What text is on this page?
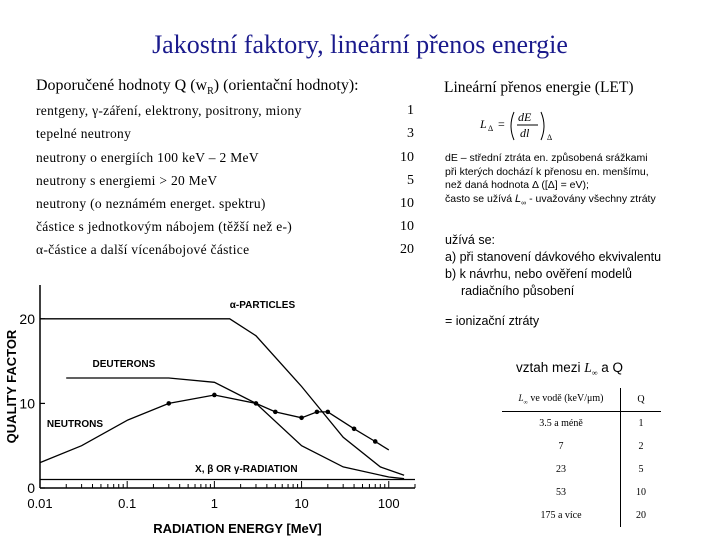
Jakostní faktory, lineární přenos energie
Doporučené hodnoty Q $(w_R)$ (orientační hodnoty):
rentgeny, γ-záření, elektrony, positrony, miony	1
tepelné neutrony	3
neutrony o energiích 100 keV – 2 MeV	10
neutrony s energiemi > 20 MeV	5
neutrony (o neznámém energet. spektru)	10
částice s jednotkovým nábojem (těžší než e-)	10
α-částice a další vícenábojové částice	20
Lineární přenos energie (LET)
L Δ = dE
dl Δ
dE – střední ztráta en. způsobená srážkami
při kterých dochází k přenosu en. menšímu,
než daná hodnota Δ ([Δ] = eV);
často se užívá $L_\infty$ - uvažovány všechny ztráty
užívá se:
a) při stanovení dávkového ekvivalentu
b) k návrhu, nebo ověření modelů
radiačního působení
= ionizační ztráty
vztah mezi $L_\infty$ a Q
$L_\infty$ ve vodě (keV/μm)	Q
3.5 a méně	1
7	2
23	5
53	10
175 a více	20
0
10
20
0.01	0.1	1	10	100
RADIATION ENERGY [MeV]
QUALITY FACTOR
α-PARTICLES
DEUTERONS
NEUTRONS
X, β OR γ-RADIATION
